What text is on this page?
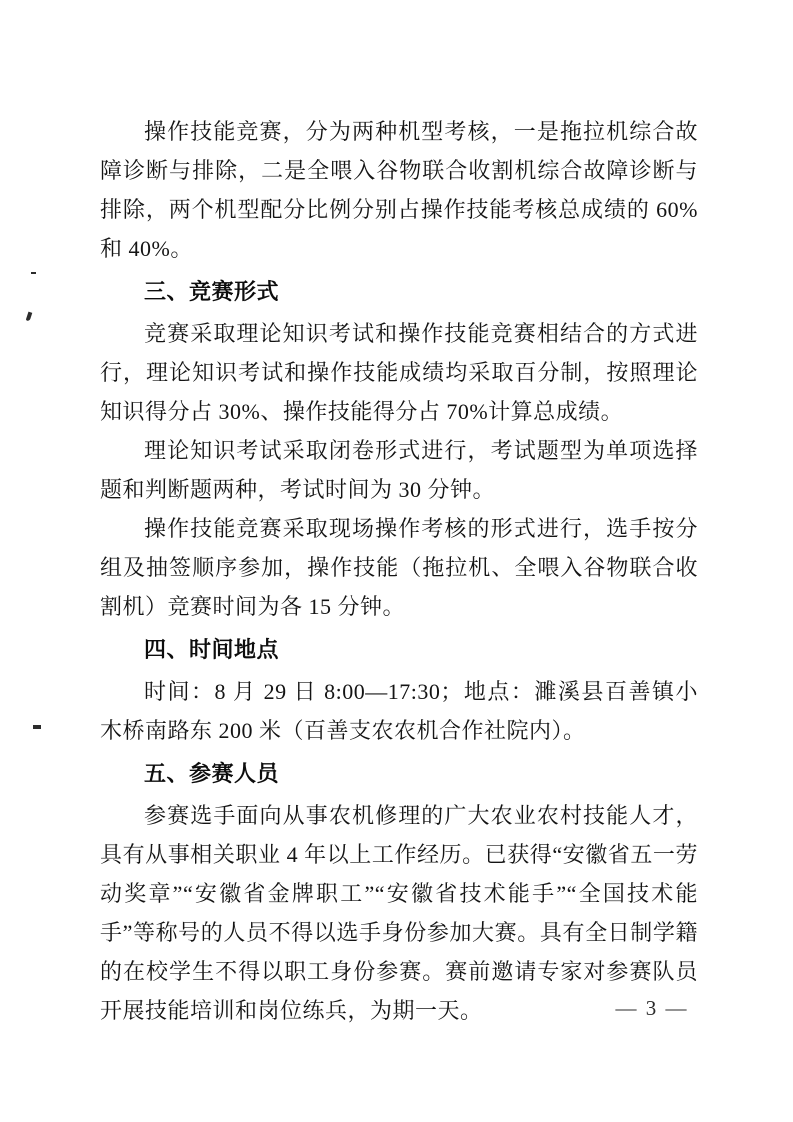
操作技能竞赛，分为两种机型考核，一是拖拉机综合故障诊断与排除，二是全喂入谷物联合收割机综合故障诊断与排除，两个机型配分比例分别占操作技能考核总成绩的 60%和 40%。

三、竞赛形式

竞赛采取理论知识考试和操作技能竞赛相结合的方式进行，理论知识考试和操作技能成绩均采取百分制，按照理论知识得分占 30%、操作技能得分占 70%计算总成绩。

理论知识考试采取闭卷形式进行，考试题型为单项选择题和判断题两种，考试时间为 30 分钟。

操作技能竞赛采取现场操作考核的形式进行，选手按分组及抽签顺序参加，操作技能（拖拉机、全喂入谷物联合收割机）竞赛时间为各 15 分钟。

四、时间地点

时间：8 月 29 日 8:00—17:30；地点：濉溪县百善镇小木桥南路东 200 米（百善支农农机合作社院内）。

五、参赛人员

参赛选手面向从事农机修理的广大农业农村技能人才，具有从事相关职业 4 年以上工作经历。已获得“安徽省五一劳动奖章”“安徽省金牌职工”“安徽省技术能手”“全国技术能手”等称号的人员不得以选手身份参加大赛。具有全日制学籍的在校学生不得以职工身份参赛。赛前邀请专家对参赛队员开展技能培训和岗位练兵，为期一天。	— 3 —
